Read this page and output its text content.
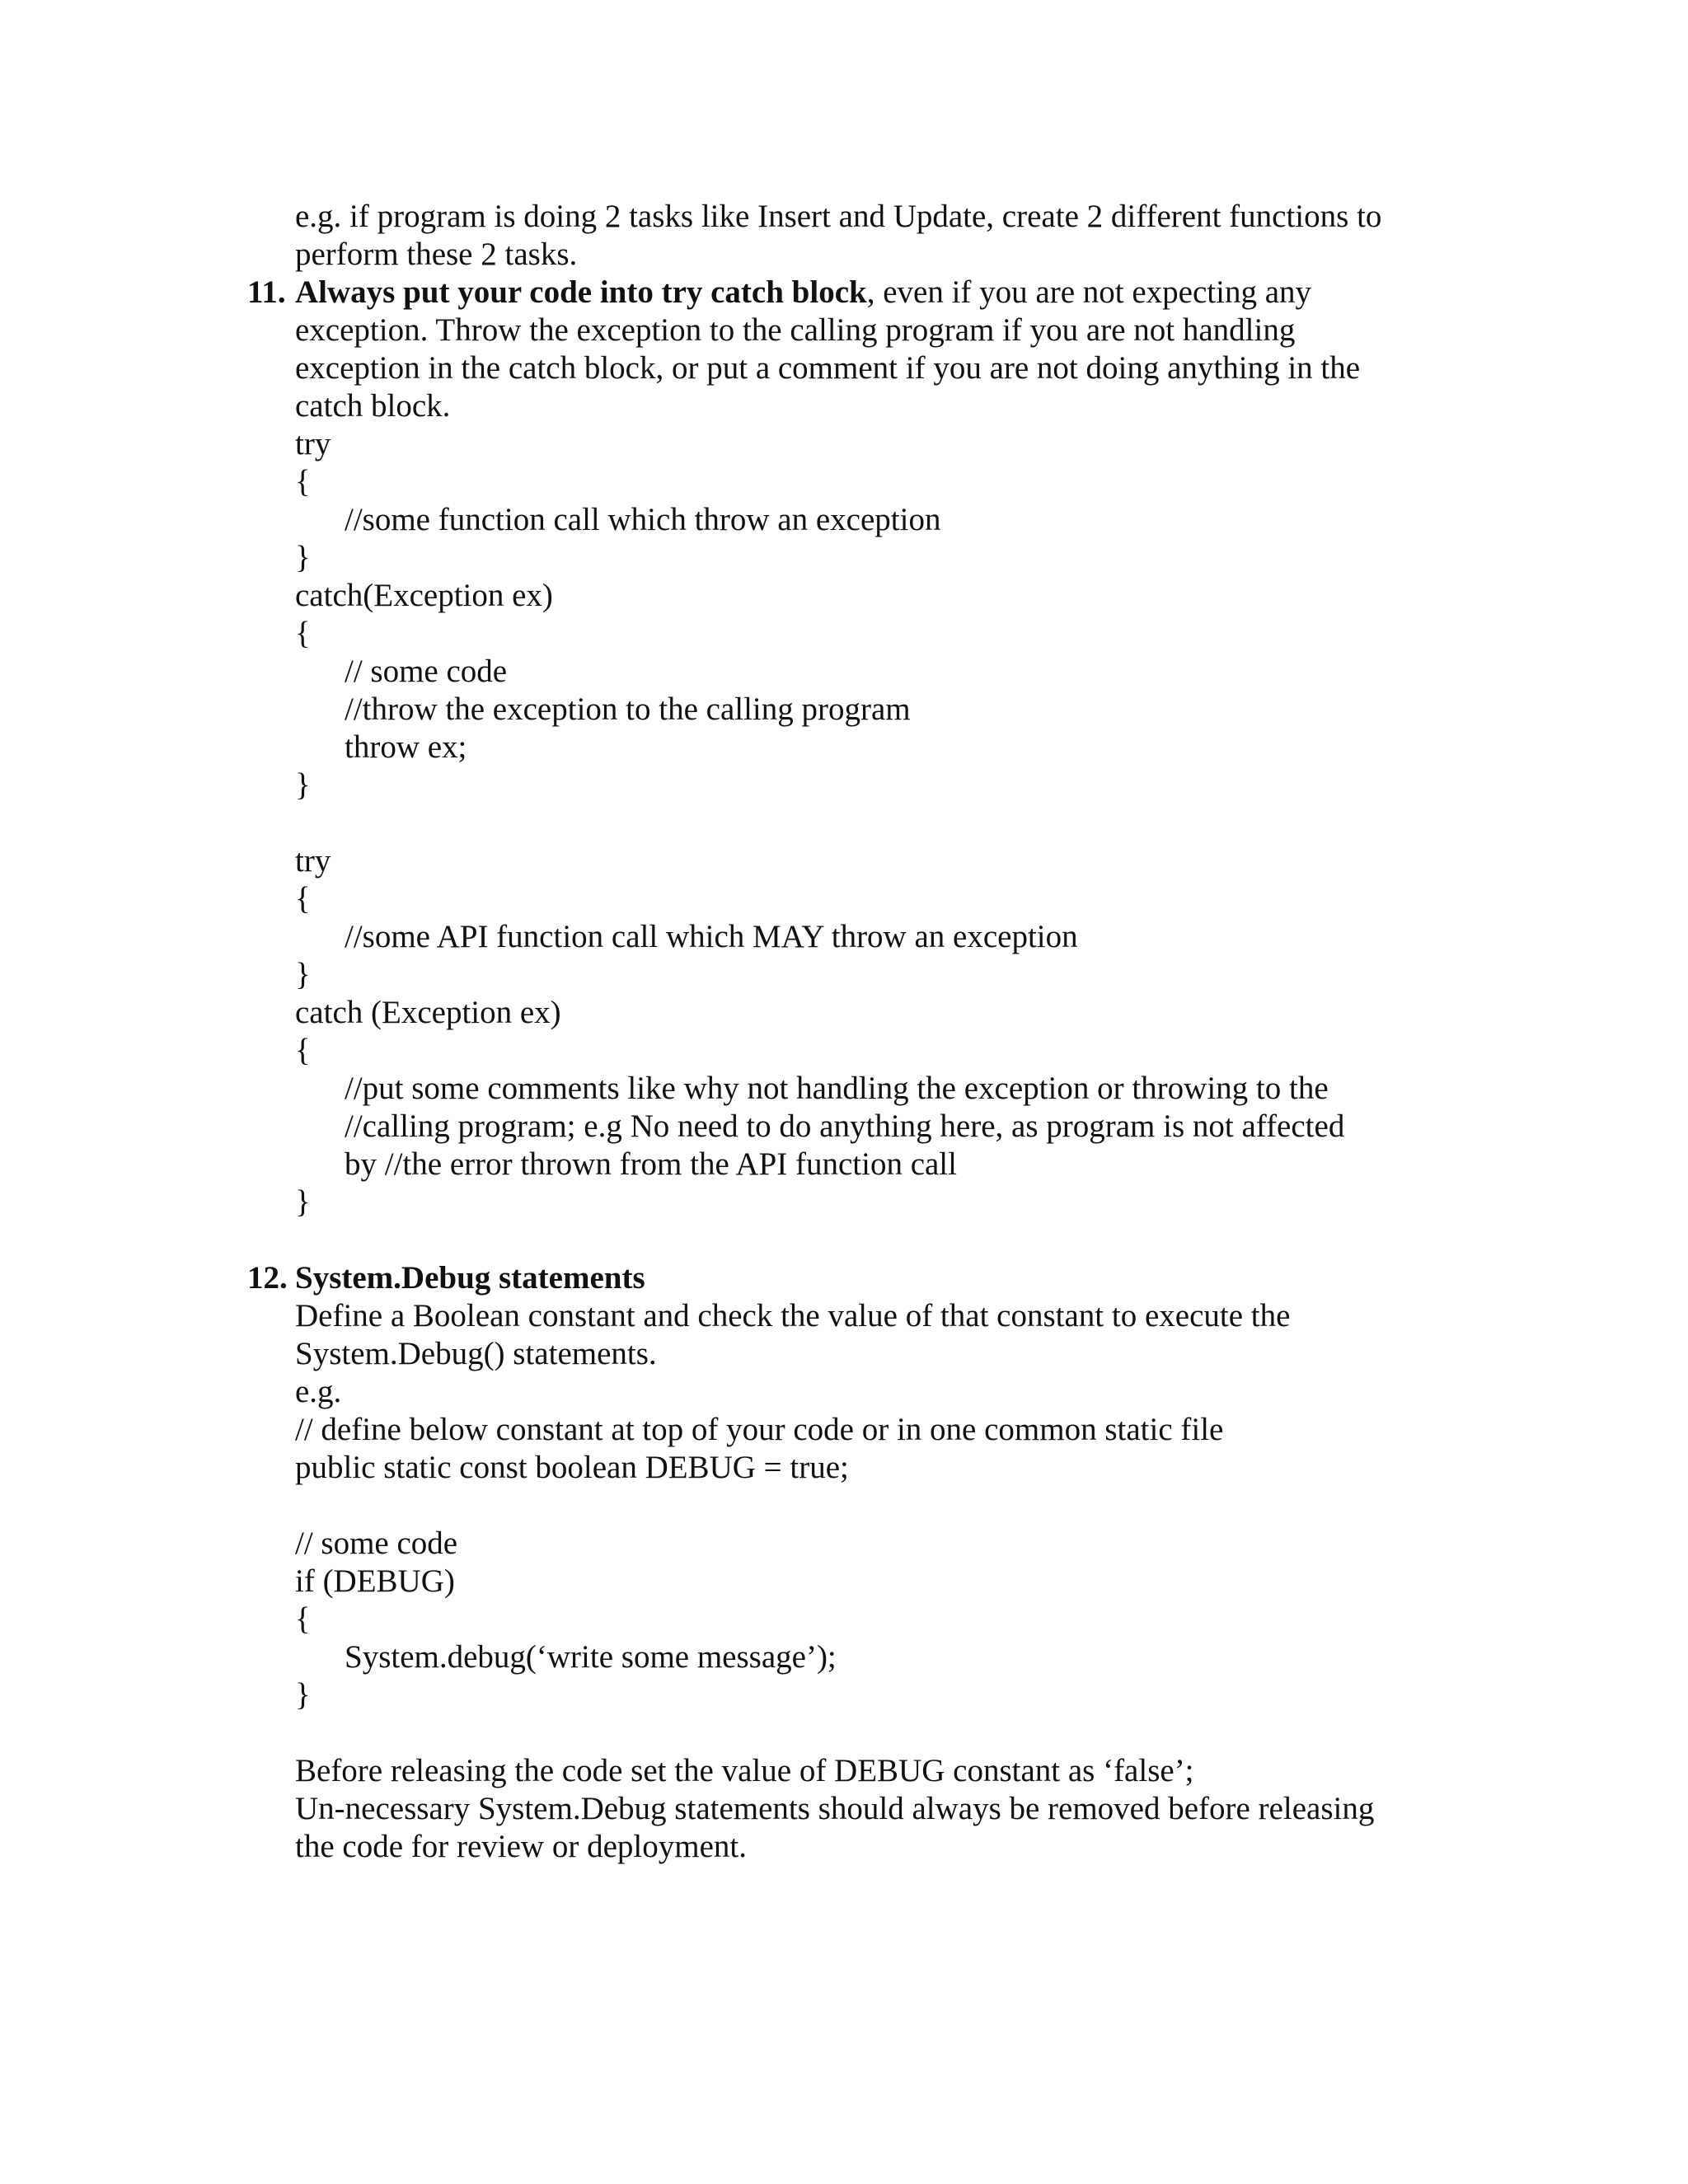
e.g. if program is doing 2 tasks like Insert and Update, create 2 different functions to
perform these 2 tasks.
11. Always put your code into try catch block, even if you are not expecting any
exception. Throw the exception to the calling program if you are not handling
exception in the catch block, or put a comment if you are not doing anything in the
catch block.
try
{
//some function call which throw an exception
}
catch(Exception ex)
{
// some code
//throw the exception to the calling program
throw ex;
}
try
{
//some API function call which MAY throw an exception
}
catch (Exception ex)
{
//put some comments like why not handling the exception or throwing to the
//calling program; e.g No need to do anything here, as program is not affected
by //the error thrown from the API function call
}
12. System.Debug statements
Define a Boolean constant and check the value of that constant to execute the
System.Debug() statements.
e.g.
// define below constant at top of your code or in one common static file
public static const boolean DEBUG = true;
// some code
if (DEBUG)
{
System.debug(‘write some message’);
}
Before releasing the code set the value of DEBUG constant as ‘false’;
Un-necessary System.Debug statements should always be removed before releasing
the code for review or deployment.
